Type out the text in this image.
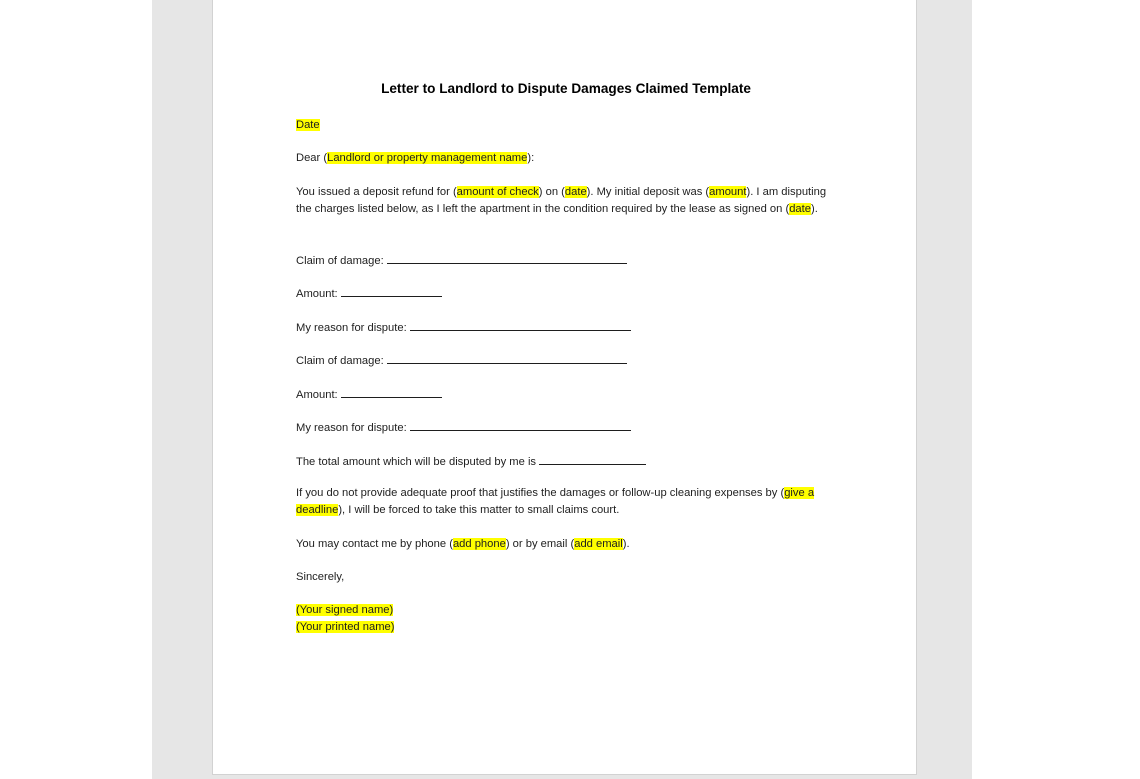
Letter to Landlord to Dispute Damages Claimed Template
Date
Dear (Landlord or property management name):
You issued a deposit refund for (amount of check) on (date). My initial deposit was (amount). I am disputing the charges listed below, as I left the apartment in the condition required by the lease as signed on (date).
Claim of damage:
Amount:
My reason for dispute:
Claim of damage:
Amount:
My reason for dispute:
The total amount which will be disputed by me is
If you do not provide adequate proof that justifies the damages or follow-up cleaning expenses by (give a deadline), I will be forced to take this matter to small claims court.
You may contact me by phone (add phone) or by email (add email).
Sincerely,
(Your signed name)
(Your printed name)
